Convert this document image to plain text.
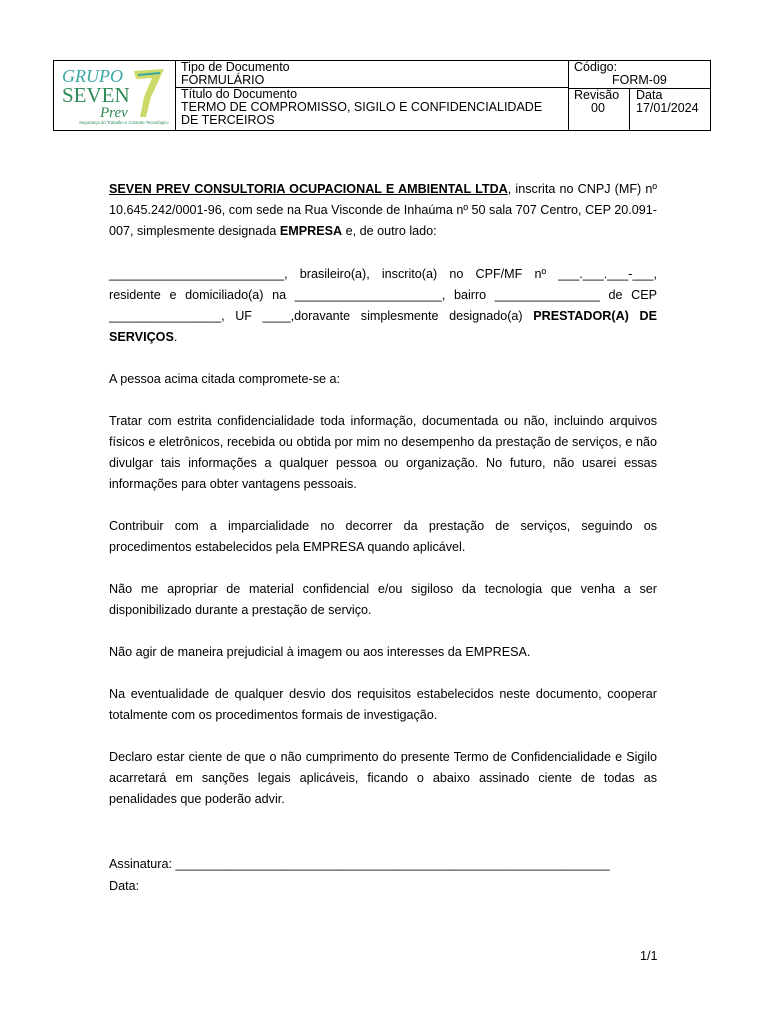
GRUPO
SEVEN
Prev
Segurança do Trabalho e Controle Tecnológico
Tipo de Documento
FORMULÁRIO
Título do Documento
TERMO DE COMPROMISSO, SIGILO E CONFIDENCIALIDADE
DE TERCEIROS
Código:
FORM-09
Revisão
00
Data
17/01/2024

SEVEN PREV CONSULTORIA OCUPACIONAL E AMBIENTAL LTDA, inscrita no CNPJ (MF) nº 10.645.242/0001-96, com sede na Rua Visconde de Inhaúma nº 50 sala 707 Centro, CEP 20.091-007, simplesmente designada EMPRESA e, de outro lado:

_________________________, brasileiro(a), inscrito(a) no CPF/MF nº ___.___.___-___, residente e domiciliado(a) na _____________________, bairro _______________ de CEP ________________, UF ____,doravante simplesmente designado(a) PRESTADOR(A) DE SERVIÇOS.

A pessoa acima citada compromete-se a:

Tratar com estrita confidencialidade toda informação, documentada ou não, incluindo arquivos físicos e eletrônicos, recebida ou obtida por mim no desempenho da prestação de serviços, e não divulgar tais informações a qualquer pessoa ou organização. No futuro, não usarei essas informações para obter vantagens pessoais.

Contribuir com a imparcialidade no decorrer da prestação de serviços, seguindo os procedimentos estabelecidos pela EMPRESA quando aplicável.

Não me apropriar de material confidencial e/ou sigiloso da tecnologia que venha a ser disponibilizado durante a prestação de serviço.

Não agir de maneira prejudicial à imagem ou aos interesses da EMPRESA.

Na eventualidade de qualquer desvio dos requisitos estabelecidos neste documento, cooperar totalmente com os procedimentos formais de investigação.

Declaro estar ciente de que o não cumprimento do presente Termo de Confidencialidade e Sigilo acarretará em sanções legais aplicáveis, ficando o abaixo assinado ciente de todas as penalidades que poderão advir.

Assinatura: ______________________________________________________________
Data:
1/1
